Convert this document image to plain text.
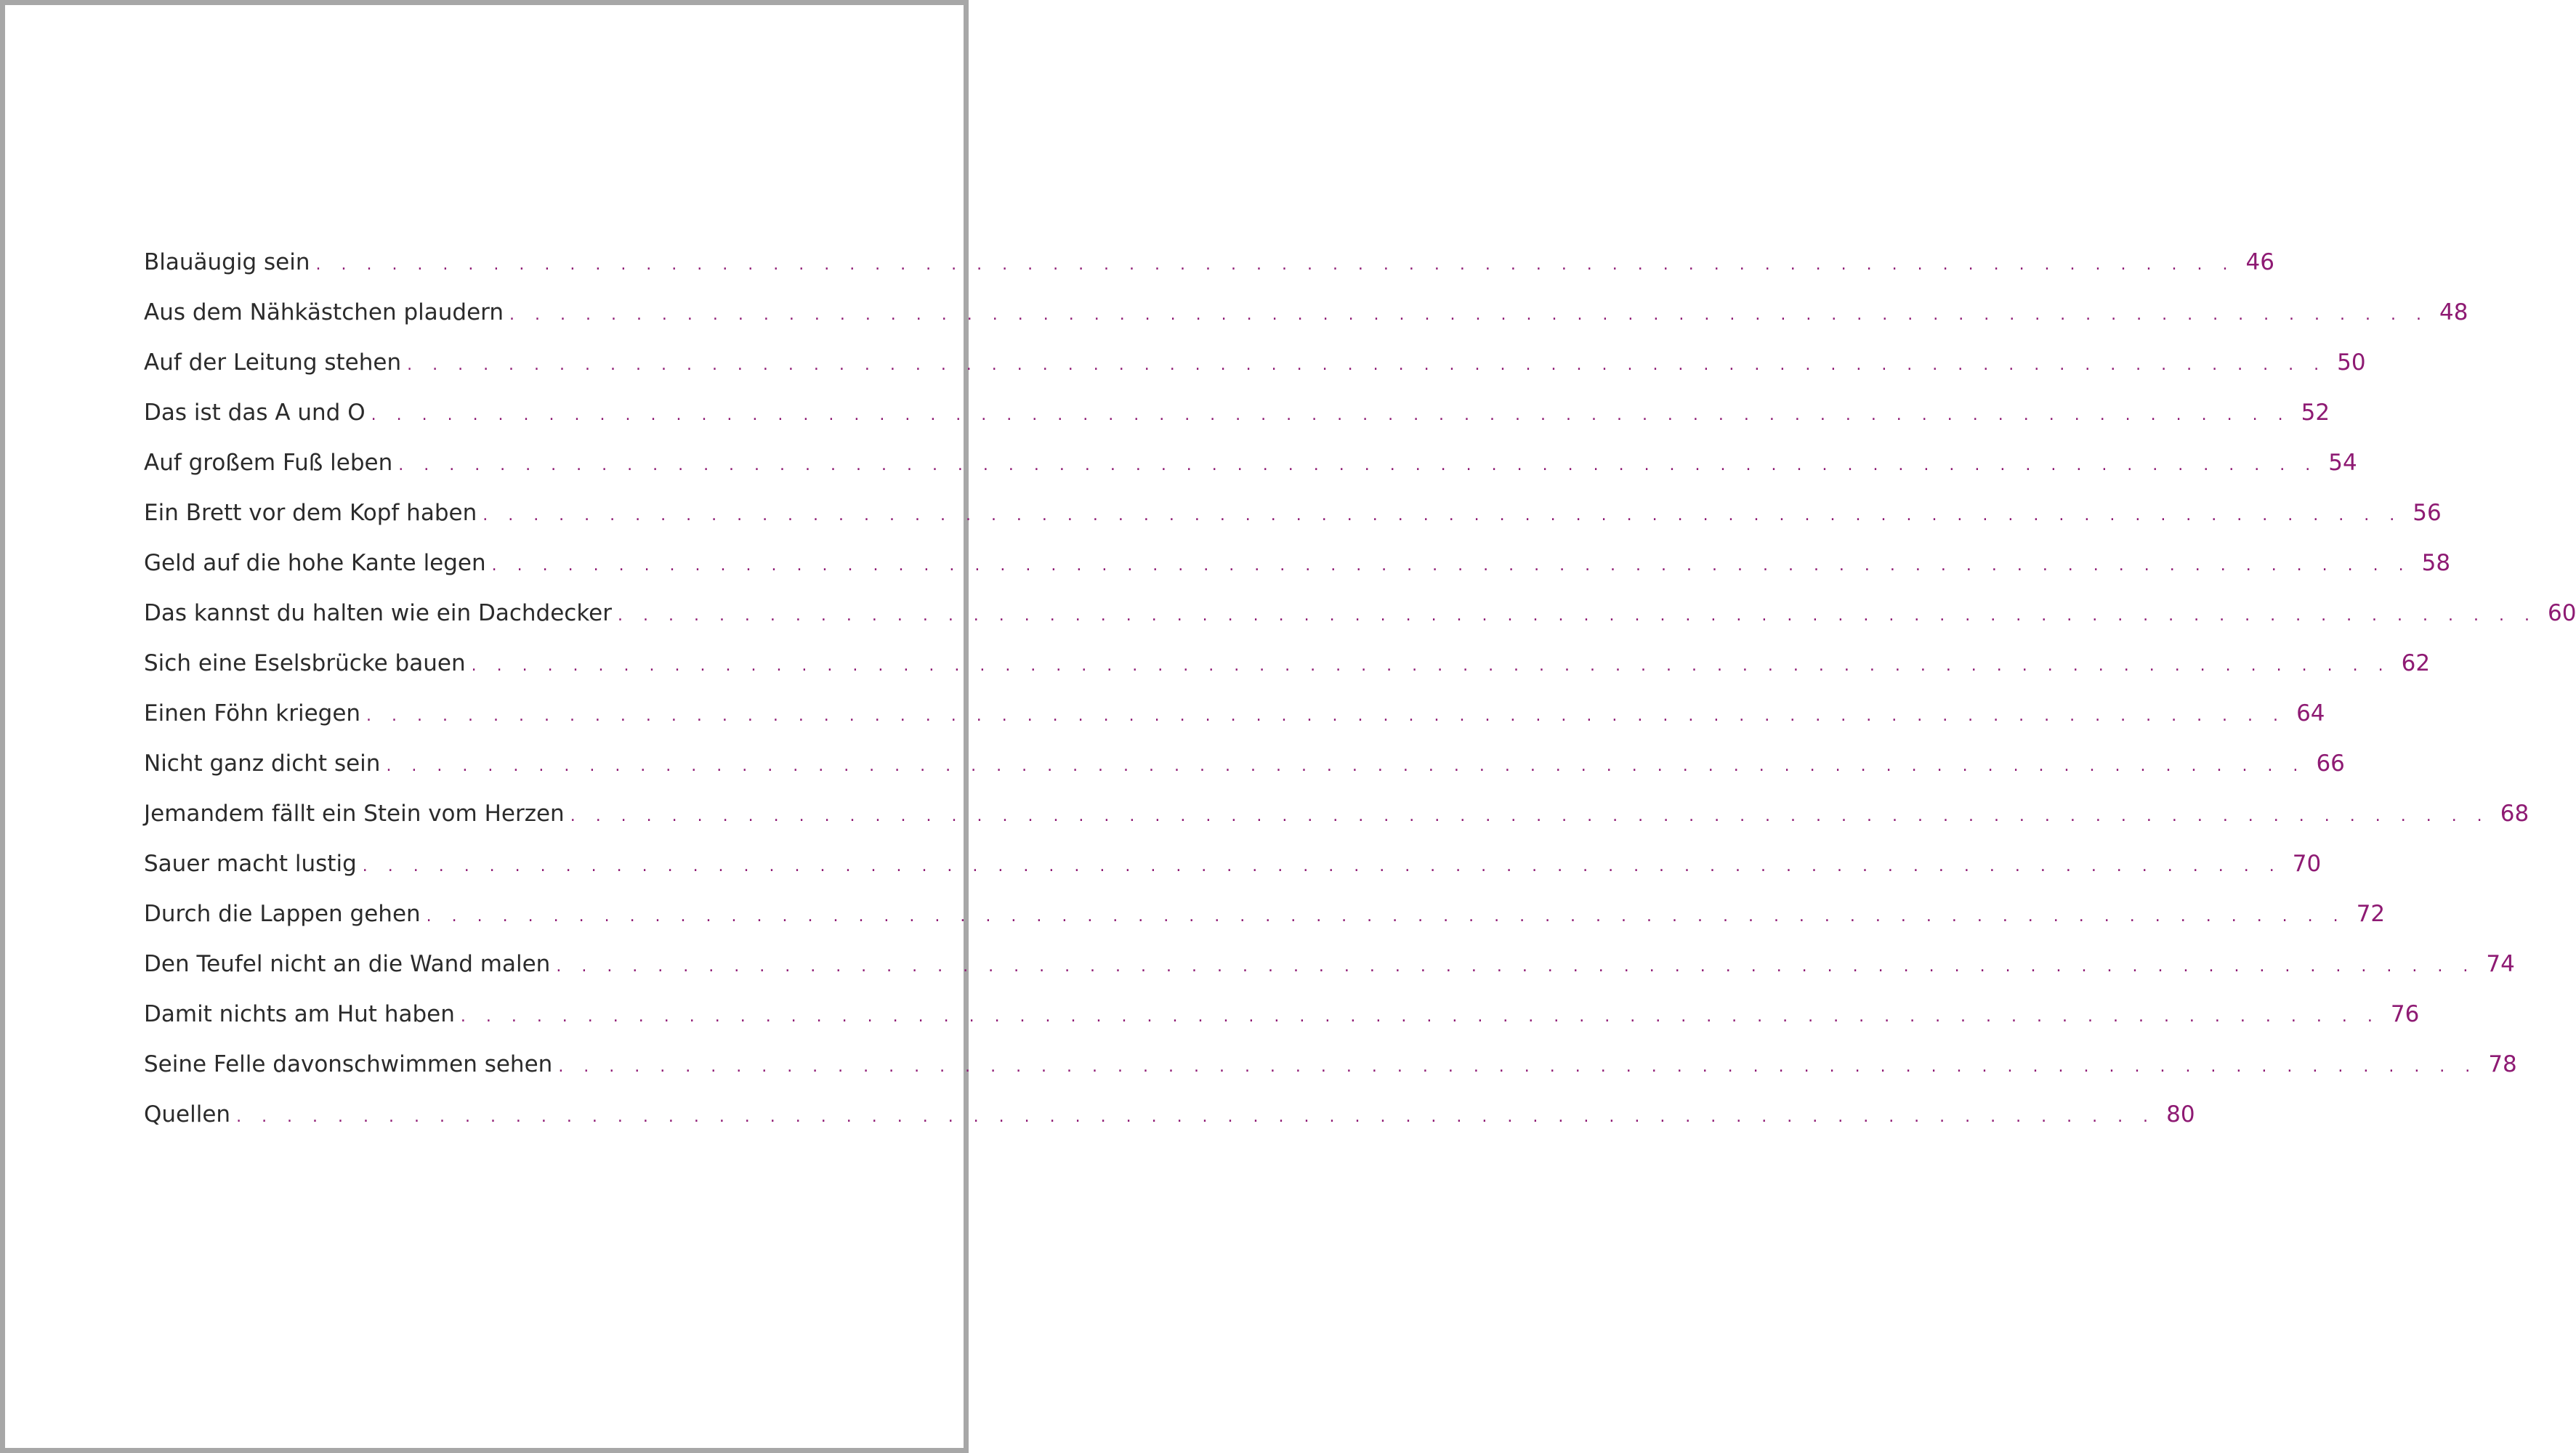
Blauäugig sein . . . . . . . . . . . . . . . . . . . . . . . . . . . . . . . . . . . . . . . . . . . . . . . . . . . . . . . . . . . . . . . . . . . . . . . . . . . . 46
Aus dem Nähkästchen plaudern . . . . . . . . . . . . . . . . . . . . . . . . . . . . . . . . . . . . . . . . . . . . . . . . . . . . . . . . . . . . . . . . . . . . . . . . . . . . 48
Auf der Leitung stehen . . . . . . . . . . . . . . . . . . . . . . . . . . . . . . . . . . . . . . . . . . . . . . . . . . . . . . . . . . . . . . . . . . . . . . . . . . . . 50
Das ist das A und O . . . . . . . . . . . . . . . . . . . . . . . . . . . . . . . . . . . . . . . . . . . . . . . . . . . . . . . . . . . . . . . . . . . . . . . . . . . . 52
Auf großem Fuß leben . . . . . . . . . . . . . . . . . . . . . . . . . . . . . . . . . . . . . . . . . . . . . . . . . . . . . . . . . . . . . . . . . . . . . . . . . . . . 54
Ein Brett vor dem Kopf haben . . . . . . . . . . . . . . . . . . . . . . . . . . . . . . . . . . . . . . . . . . . . . . . . . . . . . . . . . . . . . . . . . . . . . . . . . . . . 56
Geld auf die hohe Kante legen . . . . . . . . . . . . . . . . . . . . . . . . . . . . . . . . . . . . . . . . . . . . . . . . . . . . . . . . . . . . . . . . . . . . . . . . . . . . 58
Das kannst du halten wie ein Dachdecker . . . . . . . . . . . . . . . . . . . . . . . . . . . . . . . . . . . . . . . . . . . . . . . . . . . . . . . . . . . . . . . . . . . . . . . . . . . . 60
Sich eine Eselsbrücke bauen . . . . . . . . . . . . . . . . . . . . . . . . . . . . . . . . . . . . . . . . . . . . . . . . . . . . . . . . . . . . . . . . . . . . . . . . . . . . 62
Einen Föhn kriegen . . . . . . . . . . . . . . . . . . . . . . . . . . . . . . . . . . . . . . . . . . . . . . . . . . . . . . . . . . . . . . . . . . . . . . . . . . . . 64
Nicht ganz dicht sein . . . . . . . . . . . . . . . . . . . . . . . . . . . . . . . . . . . . . . . . . . . . . . . . . . . . . . . . . . . . . . . . . . . . . . . . . . . . 66
Jemandem fällt ein Stein vom Herzen . . . . . . . . . . . . . . . . . . . . . . . . . . . . . . . . . . . . . . . . . . . . . . . . . . . . . . . . . . . . . . . . . . . . . . . . . . . . 68
Sauer macht lustig . . . . . . . . . . . . . . . . . . . . . . . . . . . . . . . . . . . . . . . . . . . . . . . . . . . . . . . . . . . . . . . . . . . . . . . . . . . . 70
Durch die Lappen gehen . . . . . . . . . . . . . . . . . . . . . . . . . . . . . . . . . . . . . . . . . . . . . . . . . . . . . . . . . . . . . . . . . . . . . . . . . . . . 72
Den Teufel nicht an die Wand malen . . . . . . . . . . . . . . . . . . . . . . . . . . . . . . . . . . . . . . . . . . . . . . . . . . . . . . . . . . . . . . . . . . . . . . . . . . . . 74
Damit nichts am Hut haben . . . . . . . . . . . . . . . . . . . . . . . . . . . . . . . . . . . . . . . . . . . . . . . . . . . . . . . . . . . . . . . . . . . . . . . . . . . . 76
Seine Felle davonschwimmen sehen . . . . . . . . . . . . . . . . . . . . . . . . . . . . . . . . . . . . . . . . . . . . . . . . . . . . . . . . . . . . . . . . . . . . . . . . . . . . 78
Quellen . . . . . . . . . . . . . . . . . . . . . . . . . . . . . . . . . . . . . . . . . . . . . . . . . . . . . . . . . . . . . . . . . . . . . . . . . . . . 80
